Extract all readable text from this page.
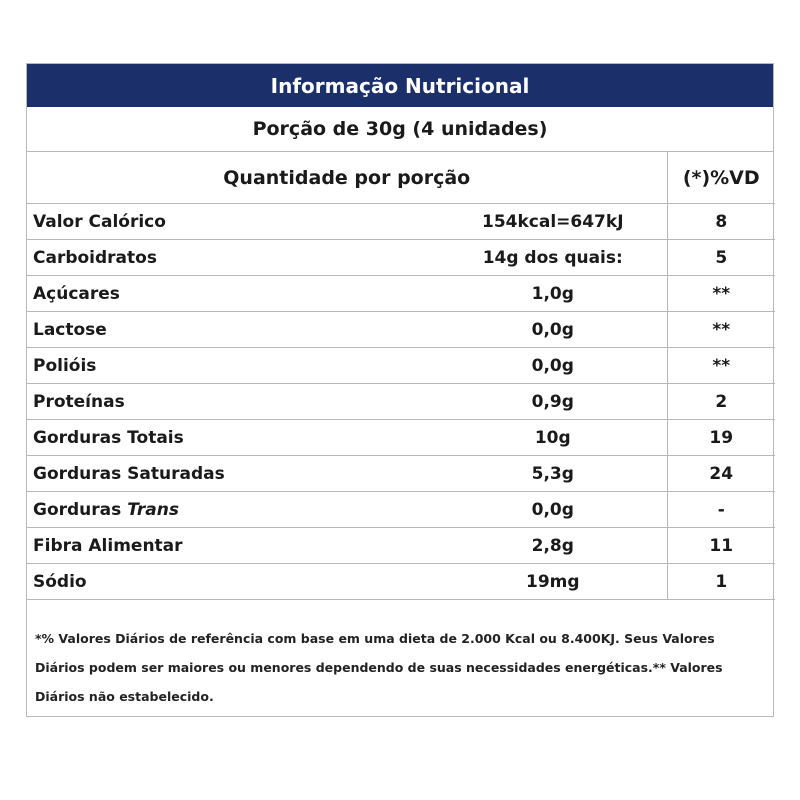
Informação Nutricional
Porção de 30g (4 unidades)
Quantidade por porção		(*)%VD
Valor Calórico	154kcal=647kJ	8
Carboidratos	14g dos quais:	5
Açúcares	1,0g	**
Lactose	0,0g	**
Polióis	0,0g	**
Proteínas	0,9g	2
Gorduras Totais	10g	19
Gorduras Saturadas	5,3g	24
Gorduras Trans	0,0g	-
Fibra Alimentar	2,8g	11
Sódio	19mg	1
*% Valores Diários de referência com base em uma dieta de 2.000 Kcal ou 8.400KJ. Seus Valores Diários podem ser maiores ou menores dependendo de suas necessidades energéticas.** Valores Diários não estabelecido.
